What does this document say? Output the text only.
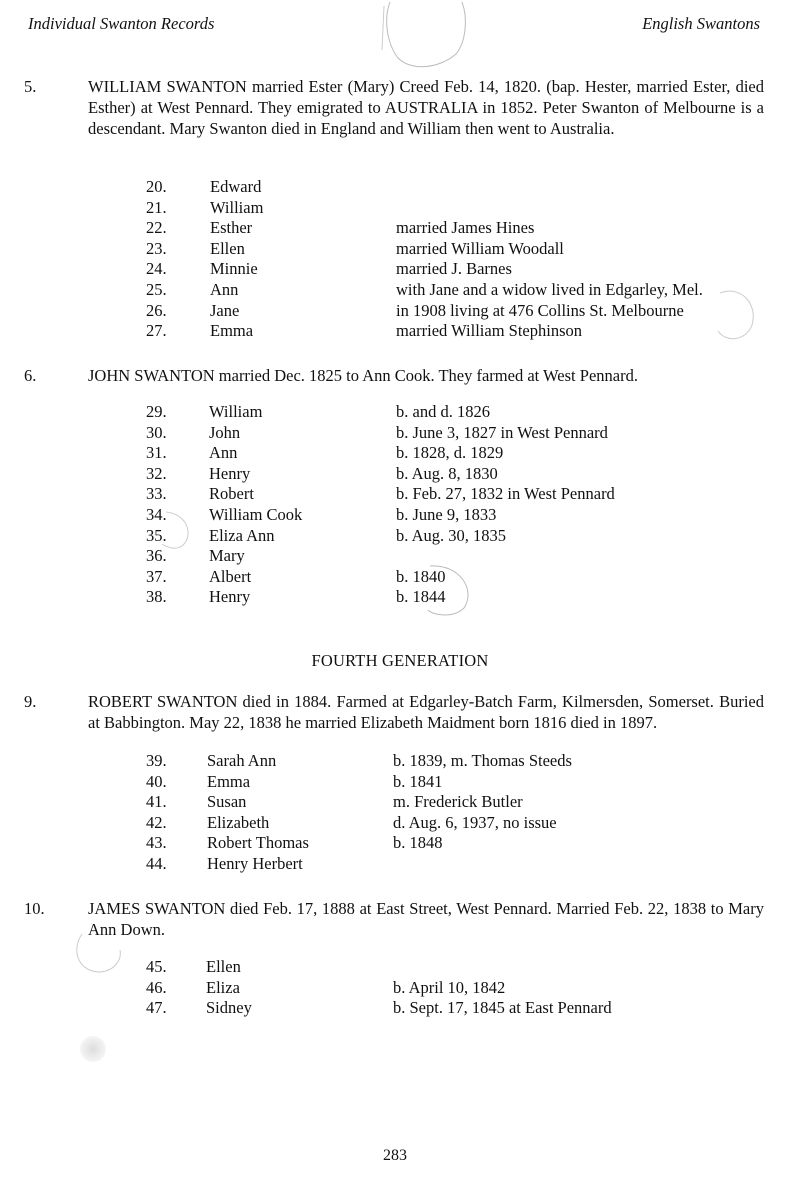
Individual Swanton Records	English Swantons
5.	WILLIAM SWANTON married Ester (Mary) Creed Feb. 14, 1820. (bap. Hester, married Ester, died Esther) at West Pennard. They emigrated to AUSTRALIA in 1852. Peter Swanton of Melbourne is a descendant. Mary Swanton died in England and William then went to Australia.
20.	Edward
21.	William
22.	Esther	married James Hines
23.	Ellen	married William Woodall
24.	Minnie	married J. Barnes
25.	Ann	with Jane and a widow lived in Edgarley, Mel.
26.	Jane	in 1908 living at 476 Collins St. Melbourne
27.	Emma	married William Stephinson
6.	JOHN SWANTON married Dec. 1825 to Ann Cook. They farmed at West Pennard.
29.	William	b. and d. 1826
30.	John	b. June 3, 1827 in West Pennard
31.	Ann	b. 1828, d. 1829
32.	Henry	b. Aug. 8, 1830
33.	Robert	b. Feb. 27, 1832 in West Pennard
34.	William Cook	b. June 9, 1833
35.	Eliza Ann	b. Aug. 30, 1835
36.	Mary
37.	Albert	b. 1840
38.	Henry	b. 1844
FOURTH GENERATION
9.	ROBERT SWANTON died in 1884. Farmed at Edgarley-Batch Farm, Kilmersden, Somerset. Buried at Babbington. May 22, 1838 he married Elizabeth Maidment born 1816 died in 1897.
39. Sarah Ann	b. 1839, m. Thomas Steeds
40. Emma	b. 1841
41. Susan	m. Frederick Butler
42. Elizabeth	d. Aug. 6, 1937, no issue
43. Robert Thomas	b. 1848
44. Henry Herbert
10.	JAMES SWANTON died Feb. 17, 1888 at East Street, West Pennard. Married Feb. 22, 1838 to Mary Ann Down.
45. Ellen
46. Eliza	b. April 10, 1842
47. Sidney	b. Sept. 17, 1845 at East Pennard
283
